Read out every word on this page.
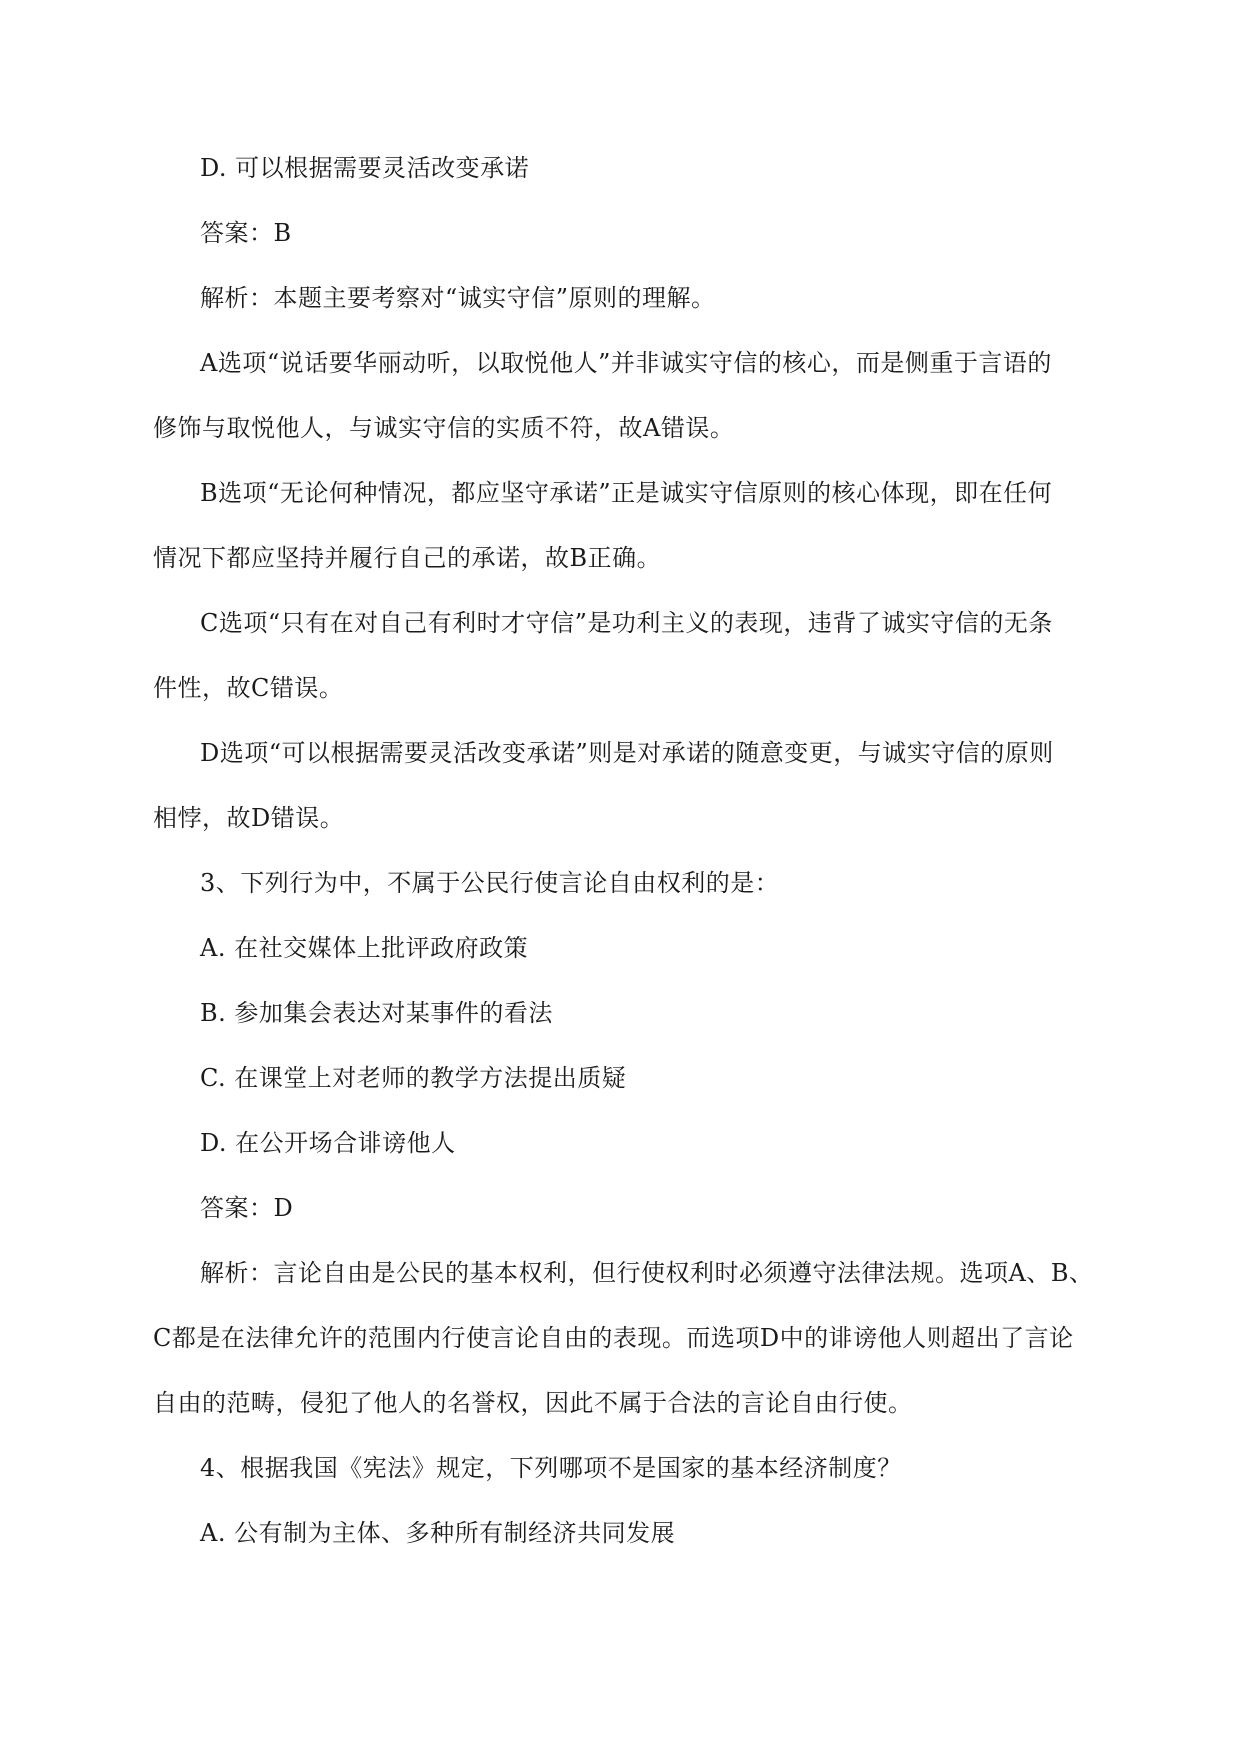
D. 可以根据需要灵活改变承诺
答案：B
解析：本题主要考察对“诚实守信”原则的理解。
A选项“说话要华丽动听，以取悦他人”并非诚实守信的核心，而是侧重于言语的
修饰与取悦他人，与诚实守信的实质不符，故A错误。
B选项“无论何种情况，都应坚守承诺”正是诚实守信原则的核心体现，即在任何
情况下都应坚持并履行自己的承诺，故B正确。
C选项“只有在对自己有利时才守信”是功利主义的表现，违背了诚实守信的无条
件性，故C错误。
D选项“可以根据需要灵活改变承诺”则是对承诺的随意变更，与诚实守信的原则
相悖，故D错误。
3、下列行为中，不属于公民行使言论自由权利的是：
A. 在社交媒体上批评政府政策
B. 参加集会表达对某事件的看法
C. 在课堂上对老师的教学方法提出质疑
D. 在公开场合诽谤他人
答案：D
解析：言论自由是公民的基本权利，但行使权利时必须遵守法律法规。选项A、B、
C都是在法律允许的范围内行使言论自由的表现。而选项D中的诽谤他人则超出了言论
自由的范畴，侵犯了他人的名誉权，因此不属于合法的言论自由行使。
4、根据我国《宪法》规定，下列哪项不是国家的基本经济制度？
A. 公有制为主体、多种所有制经济共同发展
